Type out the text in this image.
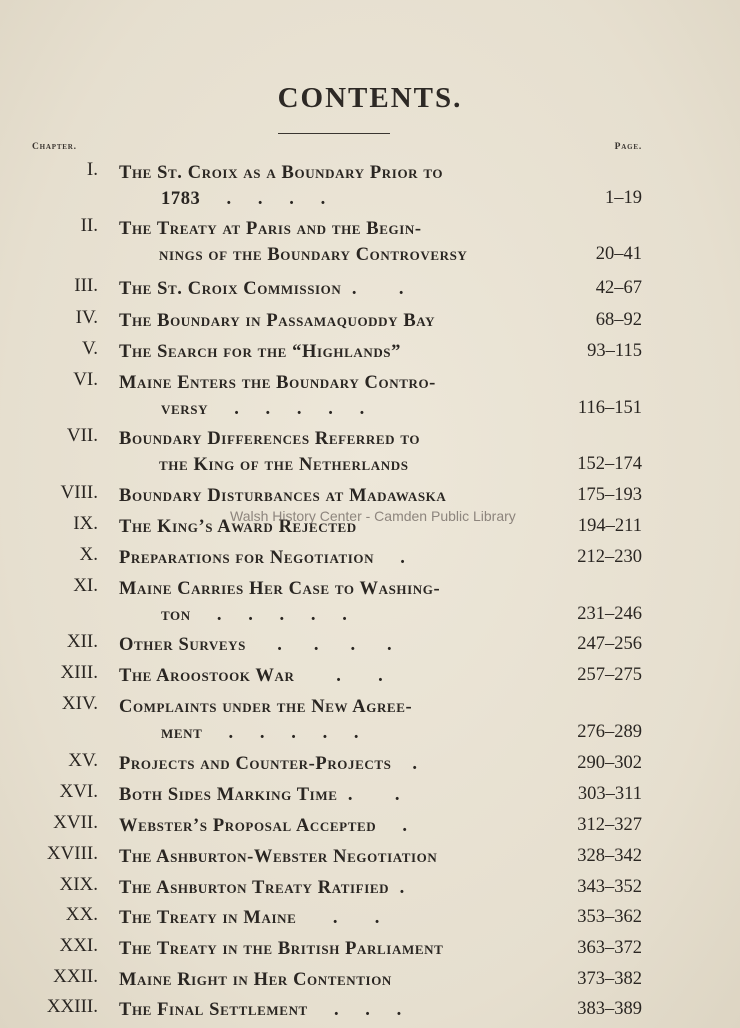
CONTENTS.
Chapter.	Page.
I. The St. Croix as a Boundary Prior to
1783     .     .     .     .	1–19
II. The Treaty at Paris and the Begin-
nings of the Boundary Controversy	20–41
III. The St. Croix Commission  .        .	42–67
IV. The Boundary in Passamaquoddy Bay	68–92
V. The Search for the “Highlands”	93–115
VI. Maine Enters the Boundary Contro-
versy     .     .     .     .     .	116–151
VII. Boundary Differences Referred to
the King of the Netherlands	152–174
VIII. Boundary Disturbances at Madawaska	175–193
IX. The King’s Award Rejected	194–211
X. Preparations for Negotiation     .	212–230
XI. Maine Carries Her Case to Washing-
ton     .     .     .     .     .	231–246
XII. Other Surveys      .      .      .      .	247–256
XIII. The Aroostook War        .       .	257–275
XIV. Complaints under the New Agree-
ment     .     .     .     .     .	276–289
XV. Projects and Counter-Projects    .	290–302
XVI. Both Sides Marking Time  .        .	303–311
XVII. Webster’s Proposal Accepted     .	312–327
XVIII. The Ashburton-Webster Negotiation	328–342
XIX. The Ashburton Treaty Ratified  .	343–352
XX. The Treaty in Maine       .       .	353–362
XXI. The Treaty in the British Parliament	363–372
XXII. Maine Right in Her Contention	373–382
XXIII. The Final Settlement     .     .     .	383–389
Walsh History Center - Camden Public Library
